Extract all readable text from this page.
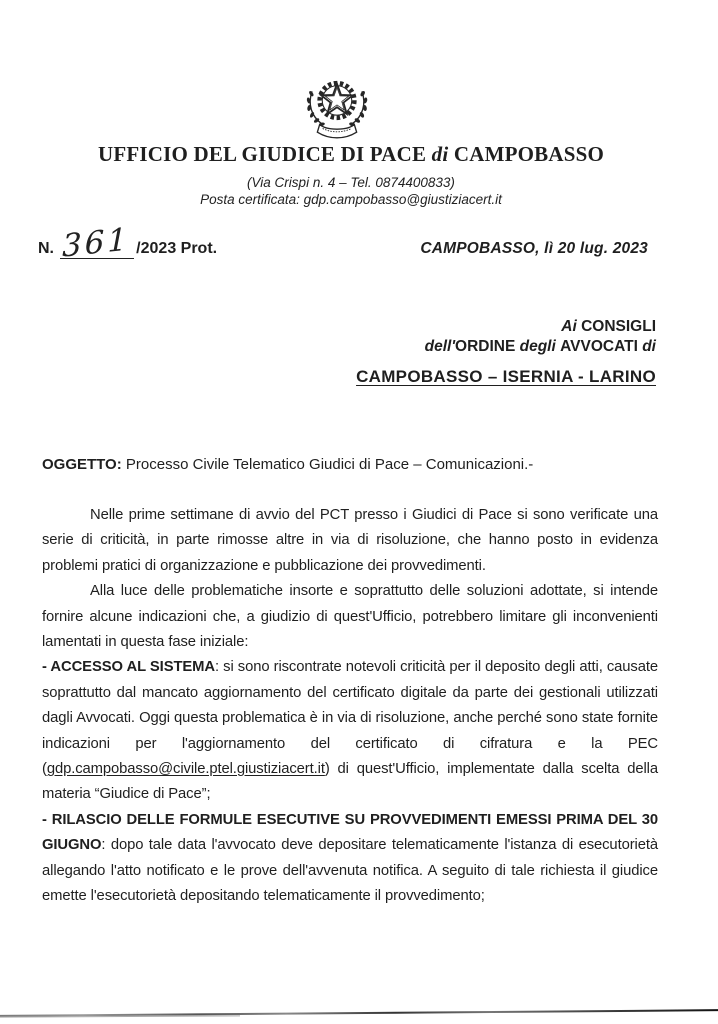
UFFICIO DEL GIUDICE DI PACE di CAMPOBASSO
(Via Crispi n. 4 – Tel. 0874400833)
Posta certificata: gdp.campobasso@giustiziacert.it
N. 361 /2023 Prot.	CAMPOBASSO, lì 20 lug. 2023
Ai CONSIGLI
dell'ORDINE degli AVVOCATI di
CAMPOBASSO – ISERNIA - LARINO
OGGETTO: Processo Civile Telematico Giudici di Pace – Comunicazioni.-

Nelle prime settimane di avvio del PCT presso i Giudici di Pace si sono verificate una serie di criticità, in parte rimosse altre in via di risoluzione, che hanno posto in evidenza problemi pratici di organizzazione e pubblicazione dei provvedimenti.

Alla luce delle problematiche insorte e soprattutto delle soluzioni adottate, si intende fornire alcune indicazioni che, a giudizio di quest'Ufficio, potrebbero limitare gli inconvenienti lamentati in questa fase iniziale:

- ACCESSO AL SISTEMA: si sono riscontrate notevoli criticità per il deposito degli atti, causate soprattutto dal mancato aggiornamento del certificato digitale da parte dei gestionali utilizzati dagli Avvocati. Oggi questa problematica è in via di risoluzione, anche perché sono state fornite indicazioni per l'aggiornamento del certificato di cifratura e la PEC (gdp.campobasso@civile.ptel.giustiziacert.it) di quest'Ufficio, implementate dalla scelta della materia “Giudice di Pace”;

- RILASCIO DELLE FORMULE ESECUTIVE SU PROVVEDIMENTI EMESSI PRIMA DEL 30 GIUGNO: dopo tale data l'avvocato deve depositare telematicamente l'istanza di esecutorietà allegando l'atto notificato e le prove dell'avvenuta notifica. A seguito di tale richiesta il giudice emette l'esecutorietà depositando telematicamente il provvedimento;
